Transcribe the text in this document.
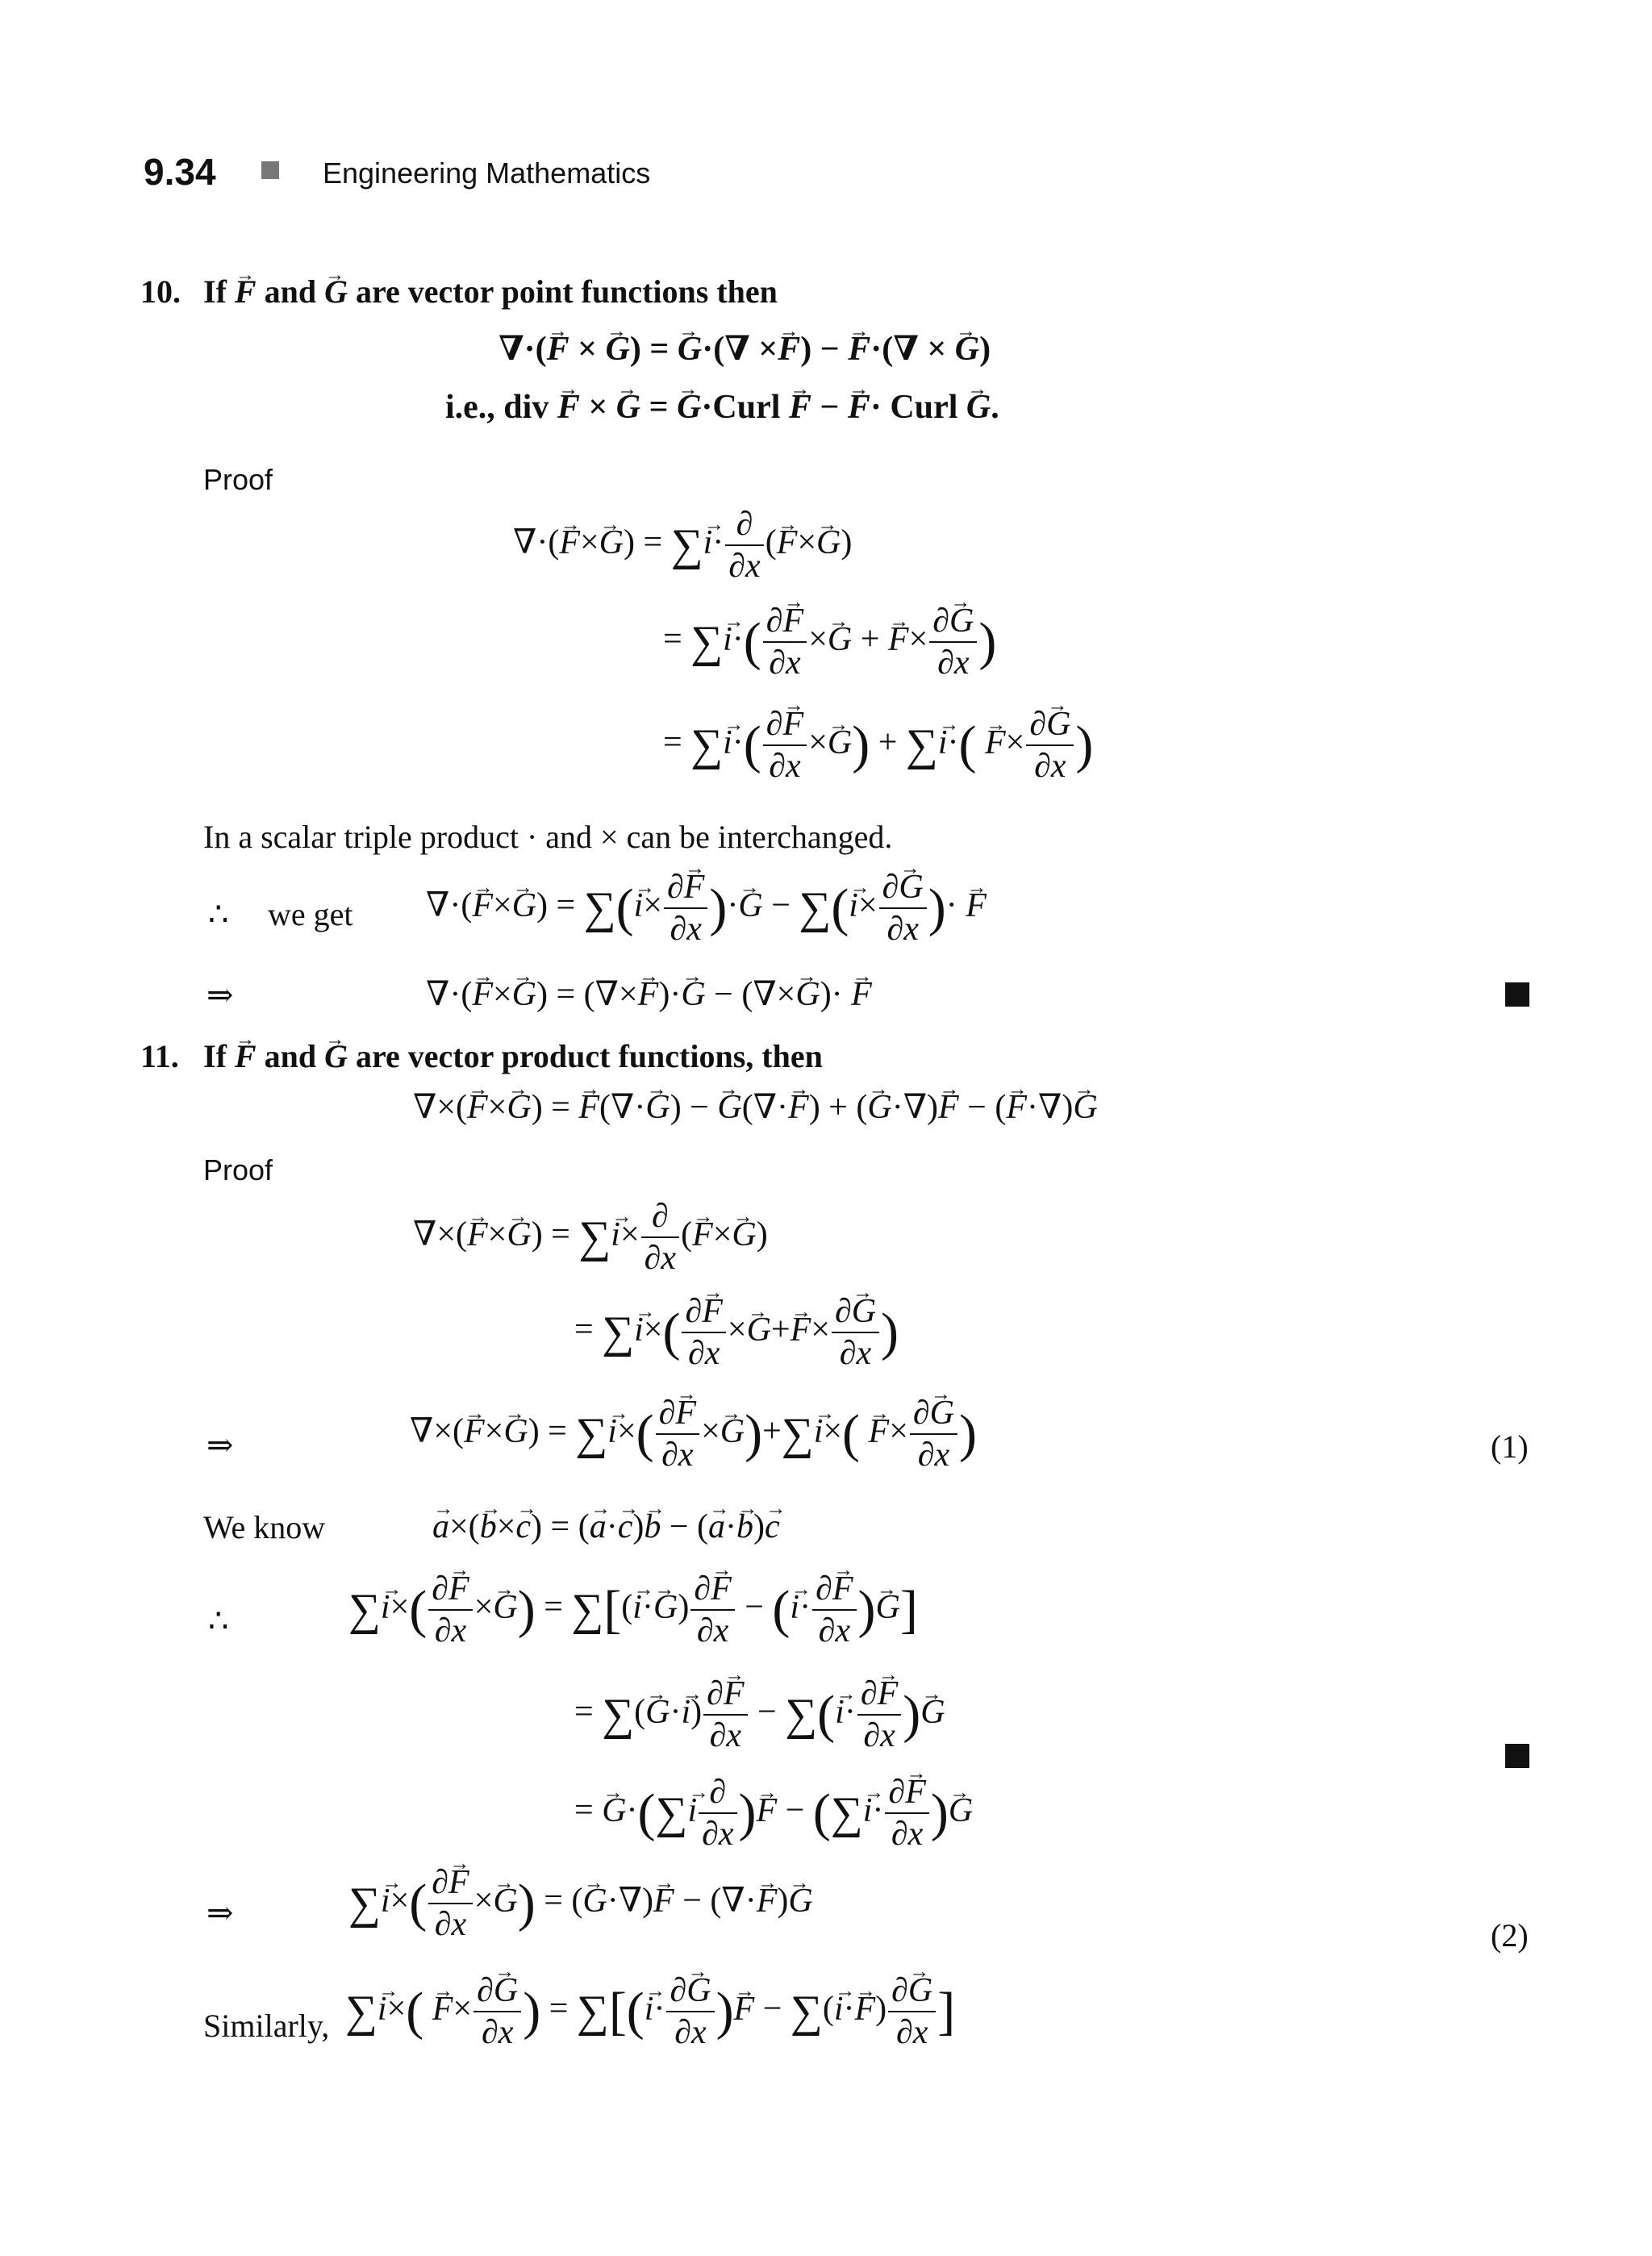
9.34	Engineering Mathematics
10. If → F and → G are vector point functions then
∇·(→ F × → G) = → G·(∇ ×→ F) − → F·(∇ × → G)
i.e., div → F × → G = → G·Curl → F − → F· Curl → G.
Proof
∇·(→ F×→ G) = ∑→ $i\cdot \frac{\partial}{\partial x}$ (→ F×→ G)
= ∑→ $i\cdot( \frac{\partial\to F}{\partial x} \times\to G$ + → $F\times \frac{\partial\to G}{\partial x}$ )
= ∑→ $i\cdot( \frac{\partial\to F}{\partial x} \times\to G)$ + ∑→ $i\cdot( \to F\times \frac{\partial\to G}{\partial x}$ )
In a scalar triple product · and × can be interchanged.
∴ we get ∇·(→ F×→ G) = ∑(→ $i\times \frac{\partial\to F}{\partial x}$ )·→ G − ∑(→ $i\times \frac{\partial\to G}{\partial x}$ )· → F
⇒	∇·(→ F×→ G) = (∇×→ F)·→ G − (∇×→ G)· → F
11. If → F and → G are vector product functions, then
∇×(→ F×→ G) = → F(∇·→ G) − → G(∇·→ F) + (→ G·∇)→ F − (→ F·∇)→ G
Proof
∇×(→ F×→ G) = ∑→ $i\times \frac{\partial}{\partial x}$ (→ F×→ G)
= ∑→ $i\times( \frac{\partial\to F}{\partial x} \times\to G+\to F\times \frac{\partial\to G}{\partial x}$ )
⇒	∇×(→ F×→ G) = ∑→ $i\times( \frac{\partial\to F}{\partial x} \times\to G)+\sum\to i\times( \to F\times \frac{\partial\to G}{\partial x}$ )	(1)
We know	→ a×(→ b×→ c) = (→ a·→ c)→ b − (→ a·→ b)→ c
∴	∑→ $i\times( \frac{\partial\to F}{\partial x} \times\to G)$ = ∑[(→ $i\cdot\to G) \frac{\partial\to F}{\partial x}$ − (→ $i\cdot \frac{\partial\to F}{\partial x}$ )→ G]
= ∑(→ $G\cdot\to i) \frac{\partial\to F}{\partial x}$ − ∑(→ $i\cdot \frac{\partial\to F}{\partial x}$ )→ G
= → G·(∑→ i $\frac{\partial}{\partial x}$ )→ F − (∑→ $i\cdot \frac{\partial\to F}{\partial x}$ )→ G
⇒	∑→ $i\times( \frac{\partial\to F}{\partial x} \times\to G)$ = (→ G·∇)→ F − (∇·→ F)→ G
(2)
Similarly, ∑→ $i\times( \to F\times \frac{\partial\to G}{\partial x}$ ) = ∑[(→ $i\cdot \frac{\partial\to G}{\partial x}$ )→ F − ∑(→ $i\cdot\to F) \frac{\partial\to G}{\partial x}$ ]
